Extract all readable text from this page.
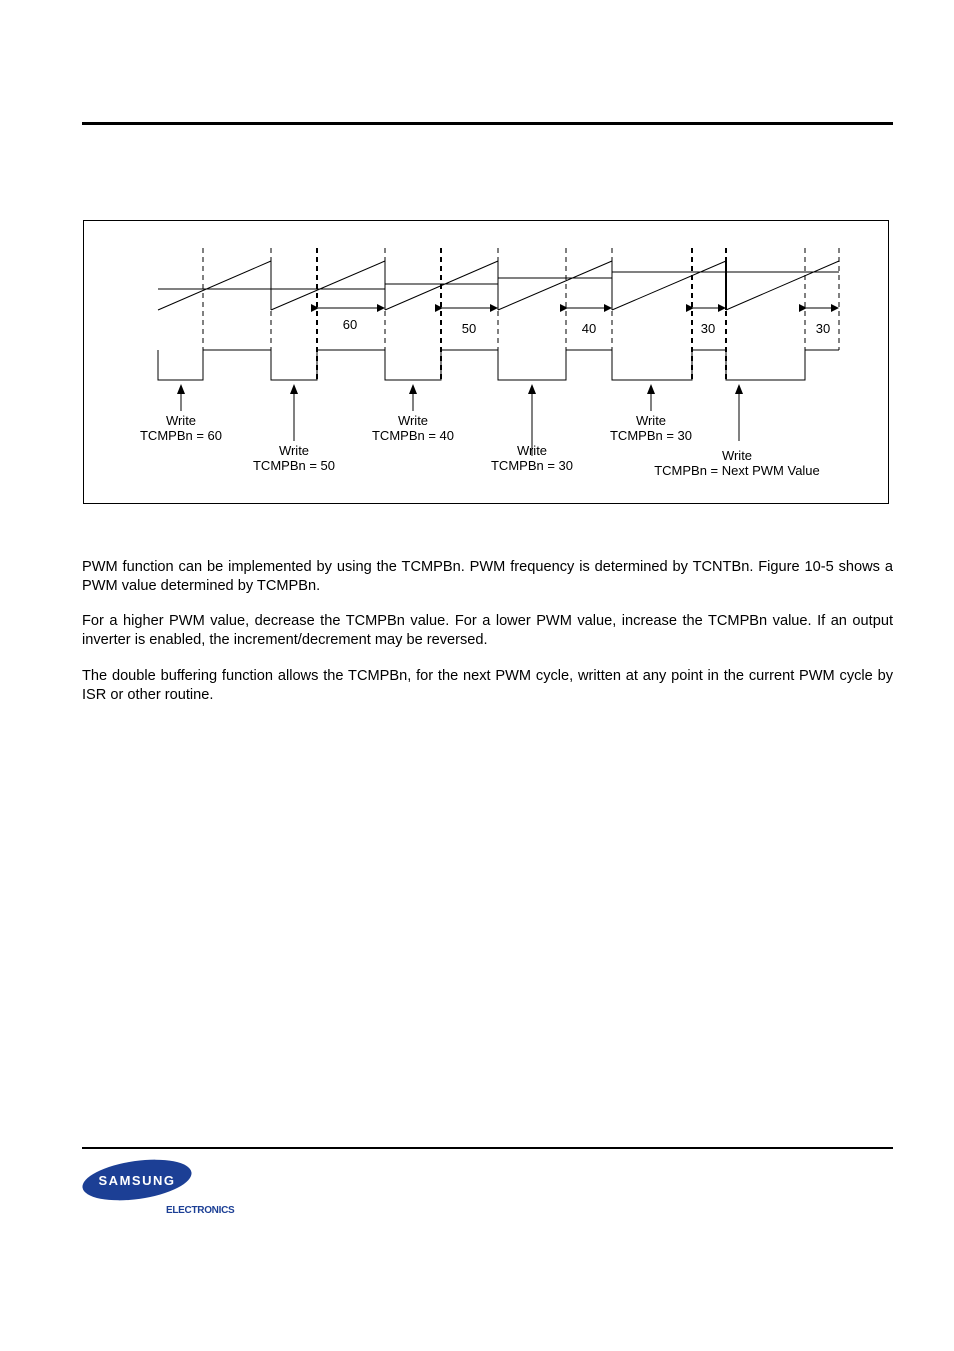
60	50	40	30	30
Write
TCMPBn = 60
Write
TCMPBn = 50
Write
TCMPBn = 40
Write
TCMPBn = 30
Write
TCMPBn = 30
Write
TCMPBn = Next PWM Value

PWM function can be implemented by using the TCMPBn. PWM frequency is determined by TCNTBn. Figure 10-5 shows a PWM value determined by TCMPBn.

For a higher PWM value, decrease the TCMPBn value. For a lower PWM value, increase the TCMPBn value. If an output inverter is enabled, the increment/decrement may be reversed.

The double buffering function allows the TCMPBn, for the next PWM cycle, written at any point in the current PWM cycle by ISR or other routine.

SAMSUNG
ELECTRONICS
